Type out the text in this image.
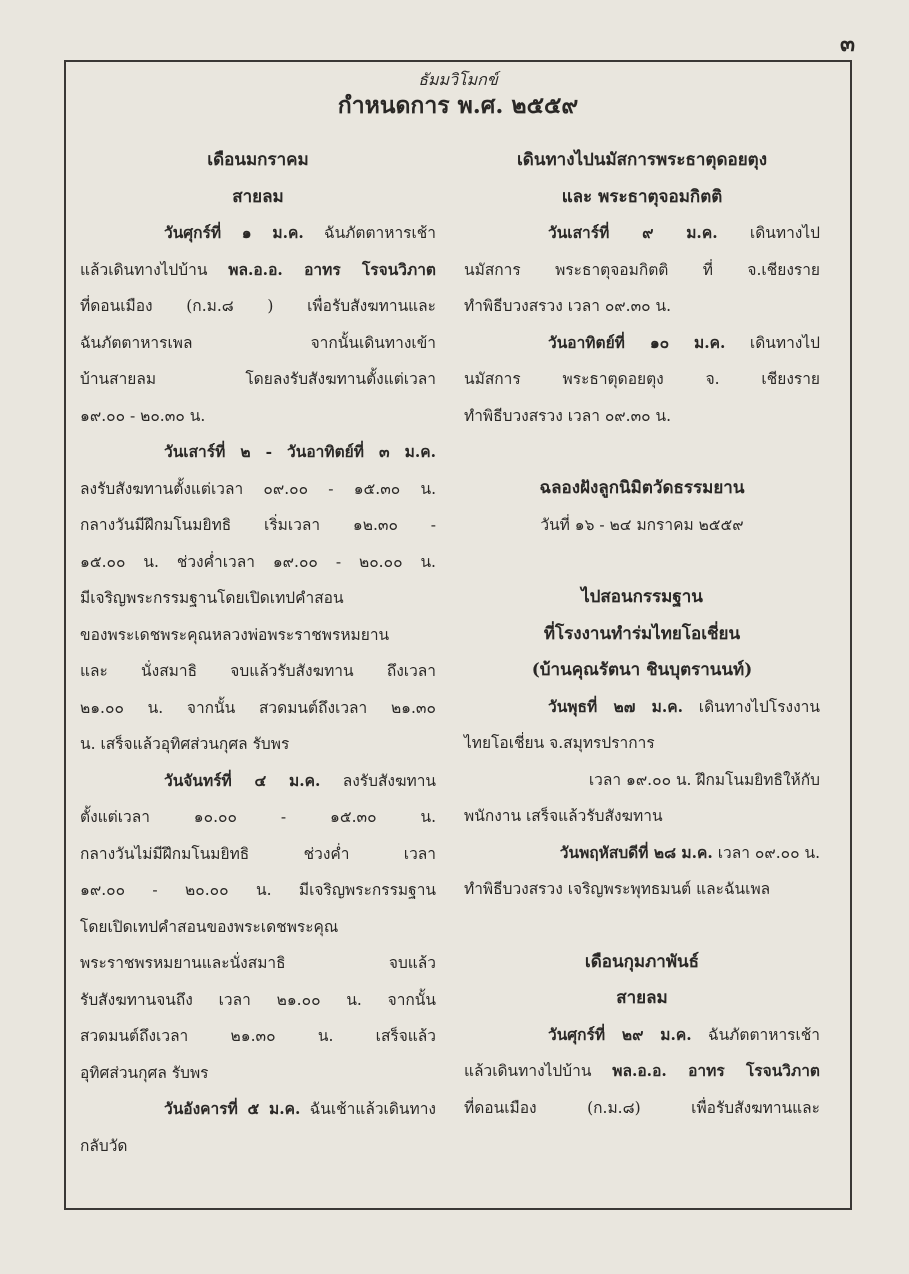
๓
ธัมมวิโมกข์
กำหนดการ พ.ศ. ๒๕๕๙

เดือนมกราคม

สายลม

วันศุกร์ที่ ๑ ม.ค. ฉันภัตตาหารเช้า

แล้วเดินทางไปบ้าน พล.อ.อ. อาทร โรจนวิภาต

ที่ดอนเมือง (ก.ม.๘ ) เพื่อรับสังฆทานและ

ฉันภัตตาหารเพล จากนั้นเดินทางเข้า

บ้านสายลม โดยลงรับสังฆทานตั้งแต่เวลา

๑๙.๐๐ - ๒๐.๓๐ น.

วันเสาร์ที่ ๒ - วันอาทิตย์ที่ ๓ ม.ค.

ลงรับสังฆทานตั้งแต่เวลา ๐๙.๐๐ - ๑๕.๓๐ น.

กลางวันมีฝึกมโนมยิทธิ เริ่มเวลา ๑๒.๓๐ -

๑๕.๐๐ น. ช่วงค่ำเวลา ๑๙.๐๐ - ๒๐.๐๐ น.

มีเจริญพระกรรมฐานโดยเปิดเทปคำสอน

ของพระเดชพระคุณหลวงพ่อพระราชพรหมยาน

และ นั่งสมาธิ จบแล้วรับสังฆทาน ถึงเวลา

๒๑.๐๐ น. จากนั้น สวดมนต์ถึงเวลา ๒๑.๓๐

น. เสร็จแล้วอุทิศส่วนกุศล รับพร

วันจันทร์ที่ ๔ ม.ค. ลงรับสังฆทาน

ตั้งแต่เวลา ๑๐.๐๐ - ๑๕.๓๐ น.

กลางวันไม่มีฝึกมโนมยิทธิ ช่วงค่ำ เวลา

๑๙.๐๐ - ๒๐.๐๐ น. มีเจริญพระกรรมฐาน

โดยเปิดเทปคำสอนของพระเดชพระคุณ

พระราชพรหมยานและนั่งสมาธิ จบแล้ว

รับสังฆทานจนถึง เวลา ๒๑.๐๐ น. จากนั้น

สวดมนต์ถึงเวลา ๒๑.๓๐ น. เสร็จแล้ว

อุทิศส่วนกุศล รับพร

วันอังคารที่ ๕ ม.ค. ฉันเช้าแล้วเดินทาง

กลับวัด

เดินทางไปนมัสการพระธาตุดอยตุง

และ พระธาตุจอมกิตติ

วันเสาร์ที่ ๙ ม.ค. เดินทางไป

นมัสการ พระธาตุจอมกิตติ ที่ จ.เชียงราย

ทำพิธีบวงสรวง เวลา ๐๙.๓๐ น.

วันอาทิตย์ที่ ๑๐ ม.ค. เดินทางไป

นมัสการ พระธาตุดอยตุง จ. เชียงราย

ทำพิธีบวงสรวง เวลา ๐๙.๓๐ น.

ฉลองฝังลูกนิมิตวัดธรรมยาน

วันที่ ๑๖ - ๒๔ มกราคม ๒๕๕๙

ไปสอนกรรมฐาน

ที่โรงงานทำร่มไทยโอเชี่ยน

(บ้านคุณรัตนา ชินบุตรานนท์)

วันพุธที่ ๒๗ ม.ค. เดินทางไปโรงงาน

ไทยโอเชี่ยน จ.สมุทรปราการ

เวลา ๑๙.๐๐ น. ฝึกมโนมยิทธิให้กับ

พนักงาน เสร็จแล้วรับสังฆทาน

วันพฤหัสบดีที่ ๒๘ ม.ค. เวลา ๐๙.๐๐ น.

ทำพิธีบวงสรวง เจริญพระพุทธมนต์ และฉันเพล

เดือนกุมภาพันธ์

สายลม

วันศุกร์ที่ ๒๙ ม.ค. ฉันภัตตาหารเช้า

แล้วเดินทางไปบ้าน พล.อ.อ. อาทร โรจนวิภาต

ที่ดอนเมือง (ก.ม.๘) เพื่อรับสังฆทานและ
